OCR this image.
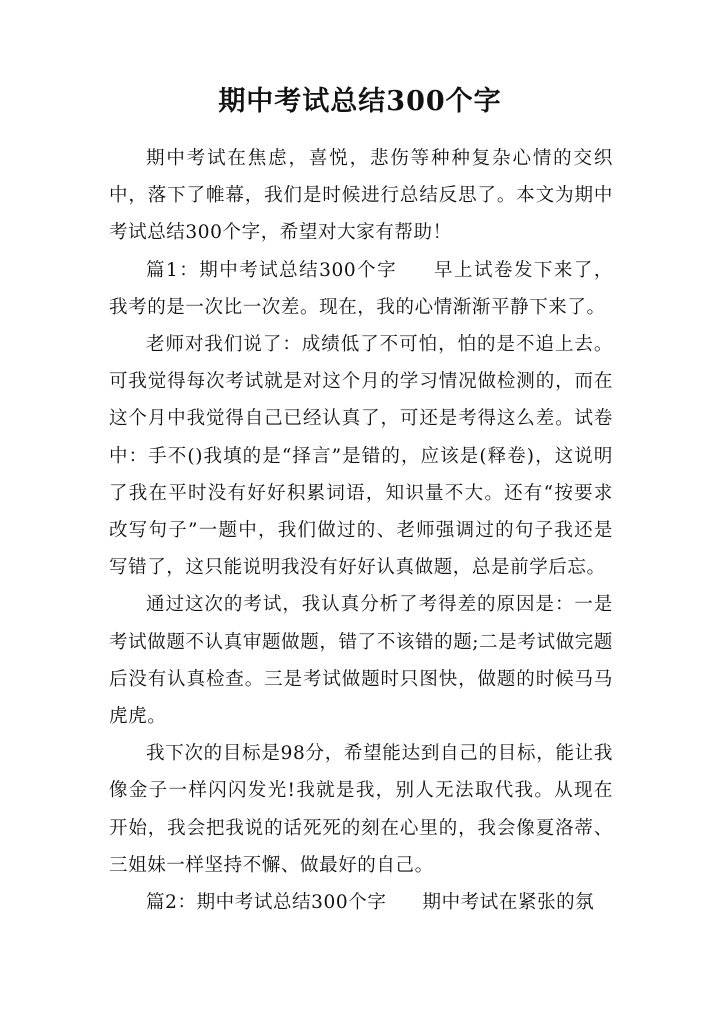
期中考试总结300个字

期中考试在焦虑，喜悦，悲伤等种种复杂心情的交织中，落下了帷幕，我们是时候进行总结反思了。本文为期中考试总结300个字，希望对大家有帮助！

篇1：期中考试总结300个字 早上试卷发下来了，我考的是一次比一次差。现在，我的心情渐渐平静下来了。

老师对我们说了：成绩低了不可怕，怕的是不追上去。可我觉得每次考试就是对这个月的学习情况做检测的，而在这个月中我觉得自己已经认真了，可还是考得这么差。试卷中：手不()我填的是“择言”是错的，应该是(释卷)，这说明了我在平时没有好好积累词语，知识量不大。还有“按要求改写句子”一题中，我们做过的、老师强调过的句子我还是写错了，这只能说明我没有好好认真做题，总是前学后忘。

通过这次的考试，我认真分析了考得差的原因是：一是考试做题不认真审题做题，错了不该错的题;二是考试做完题后没有认真检查。三是考试做题时只图快，做题的时候马马虎虎。

我下次的目标是98分，希望能达到自己的目标，能让我像金子一样闪闪发光!我就是我，别人无法取代我。从现在开始，我会把我说的话死死的刻在心里的，我会像夏洛蒂、三姐妹一样坚持不懈、做最好的自己。

篇2：期中考试总结300个字 期中考试在紧张的氛
